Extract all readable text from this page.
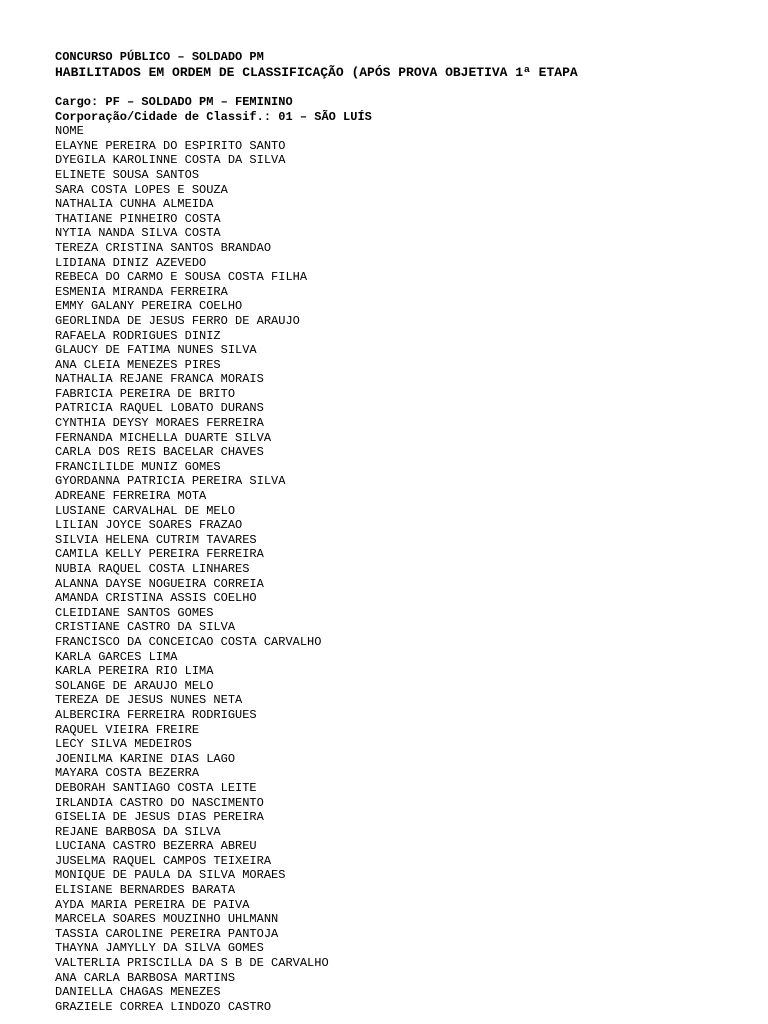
CONCURSO PÚBLICO – SOLDADO PM
HABILITADOS EM ORDEM DE CLASSIFICAÇÃO (APÓS PROVA OBJETIVA 1ª ETAPA
Cargo: PF – SOLDADO PM – FEMININO
Corporação/Cidade de Classif.: 01 – SÃO LUÍS
NOME
ELAYNE PEREIRA DO ESPIRITO SANTO
DYEGILA KAROLINNE COSTA DA SILVA
ELINETE SOUSA SANTOS
SARA COSTA LOPES E SOUZA
NATHALIA CUNHA ALMEIDA
THATIANE PINHEIRO COSTA
NYTIA NANDA SILVA COSTA
TEREZA CRISTINA SANTOS BRANDAO
LIDIANA DINIZ AZEVEDO
REBECA DO CARMO E SOUSA COSTA FILHA
ESMENIA MIRANDA FERREIRA
EMMY GALANY PEREIRA COELHO
GEORLINDA DE JESUS FERRO DE ARAUJO
RAFAELA RODRIGUES DINIZ
GLAUCY DE FATIMA NUNES SILVA
ANA CLEIA MENEZES PIRES
NATHALIA REJANE FRANCA MORAIS
FABRICIA PEREIRA DE BRITO
PATRICIA RAQUEL LOBATO DURANS
CYNTHIA DEYSY MORAES FERREIRA
FERNANDA MICHELLA DUARTE SILVA
CARLA DOS REIS BACELAR CHAVES
FRANCILILDE MUNIZ GOMES
GYORDANNA PATRICIA PEREIRA SILVA
ADREANE FERREIRA MOTA
LUSIANE CARVALHAL DE MELO
LILIAN JOYCE SOARES FRAZAO
SILVIA HELENA CUTRIM TAVARES
CAMILA KELLY PEREIRA FERREIRA
NUBIA RAQUEL COSTA LINHARES
ALANNA DAYSE NOGUEIRA CORREIA
AMANDA CRISTINA ASSIS COELHO
CLEIDIANE SANTOS GOMES
CRISTIANE CASTRO DA SILVA
FRANCISCO DA CONCEICAO COSTA CARVALHO
KARLA GARCES LIMA
KARLA PEREIRA RIO LIMA
SOLANGE DE ARAUJO MELO
TEREZA DE JESUS NUNES NETA
ALBERCIRA FERREIRA RODRIGUES
RAQUEL VIEIRA FREIRE
LECY SILVA MEDEIROS
JOENILMA KARINE DIAS LAGO
MAYARA COSTA BEZERRA
DEBORAH SANTIAGO COSTA LEITE
IRLANDIA CASTRO DO NASCIMENTO
GISELIA DE JESUS DIAS PEREIRA
REJANE BARBOSA DA SILVA
LUCIANA CASTRO BEZERRA ABREU
JUSELMA RAQUEL CAMPOS TEIXEIRA
MONIQUE DE PAULA DA SILVA MORAES
ELISIANE BERNARDES BARATA
AYDA MARIA PEREIRA DE PAIVA
MARCELA SOARES MOUZINHO UHLMANN
TASSIA CAROLINE PEREIRA PANTOJA
THAYNA JAMYLLY DA SILVA GOMES
VALTERLIA PRISCILLA DA S B DE CARVALHO
ANA CARLA BARBOSA MARTINS
DANIELLA CHAGAS MENEZES
GRAZIELE CORREA LINDOZO CASTRO
